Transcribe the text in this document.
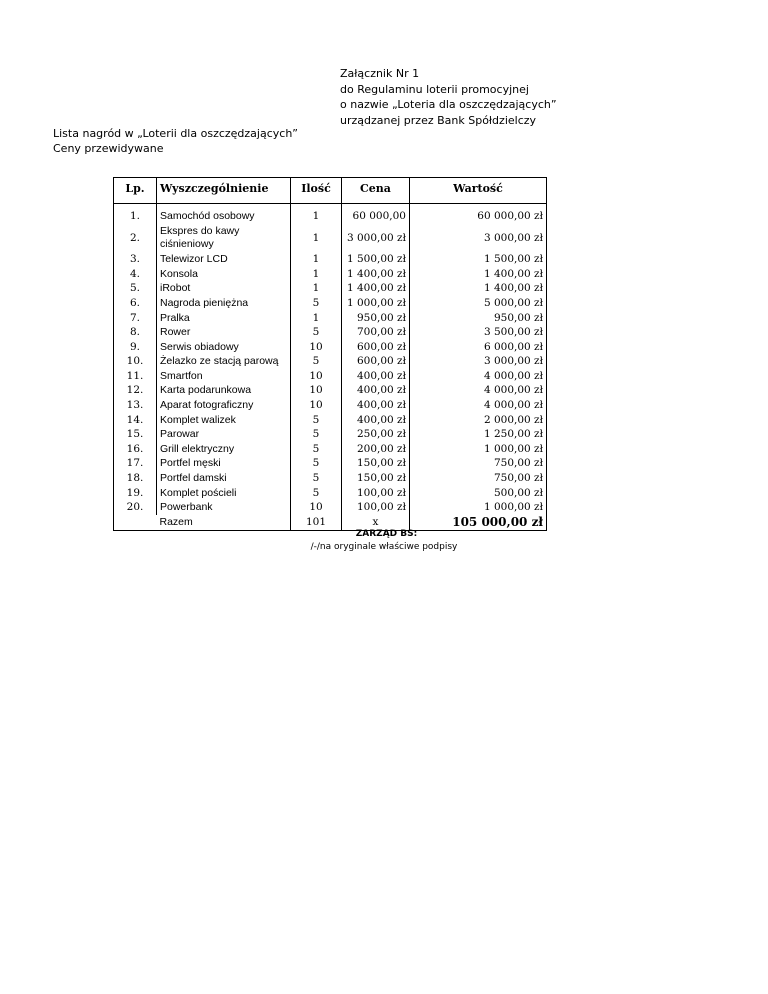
Załącznik Nr 1
do Regulaminu loterii promocyjnej
o nazwie „Loteria dla oszczędzających”
urządzanej przez Bank Spółdzielczy
Lista nagród w „Loterii dla oszczędzających”
Ceny przewidywane
Lp.	Wyszczególnienie	Ilość	Cena	Wartość

1.	Samochód osobowy	1	60 000,00	60 000,00 zł
2.	Ekspres do kawy ciśnieniowy	1	3 000,00 zł	3 000,00 zł
3.	Telewizor LCD	1	1 500,00 zł	1 500,00 zł
4.	Konsola	1	1 400,00 zł	1 400,00 zł
5.	iRobot	1	1 400,00 zł	1 400,00 zł
6.	Nagroda pieniężna	5	1 000,00 zł	5 000,00 zł
7.	Pralka	1	950,00 zł	950,00 zł
8.	Rower	5	700,00 zł	3 500,00 zł
9.	Serwis obiadowy	10	600,00 zł	6 000,00 zł
10.	Żelazko ze stacją parową	5	600,00 zł	3 000,00 zł
11.	Smartfon	10	400,00 zł	4 000,00 zł
12.	Karta podarunkowa	10	400,00 zł	4 000,00 zł
13.	Aparat fotograficzny	10	400,00 zł	4 000,00 zł
14.	Komplet walizek	5	400,00 zł	2 000,00 zł
15.	Parowar	5	250,00 zł	1 250,00 zł
16.	Grill elektryczny	5	200,00 zł	1 000,00 zł
17.	Portfel męski	5	150,00 zł	750,00 zł
18.	Portfel damski	5	150,00 zł	750,00 zł
19.	Komplet pościeli	5	100,00 zł	500,00 zł
20.	Powerbank	10	100,00 zł	1 000,00 zł
	Razem	101	x	105 000,00 zł
ZARZĄD BS:
/-/na oryginale właściwe podpisy
